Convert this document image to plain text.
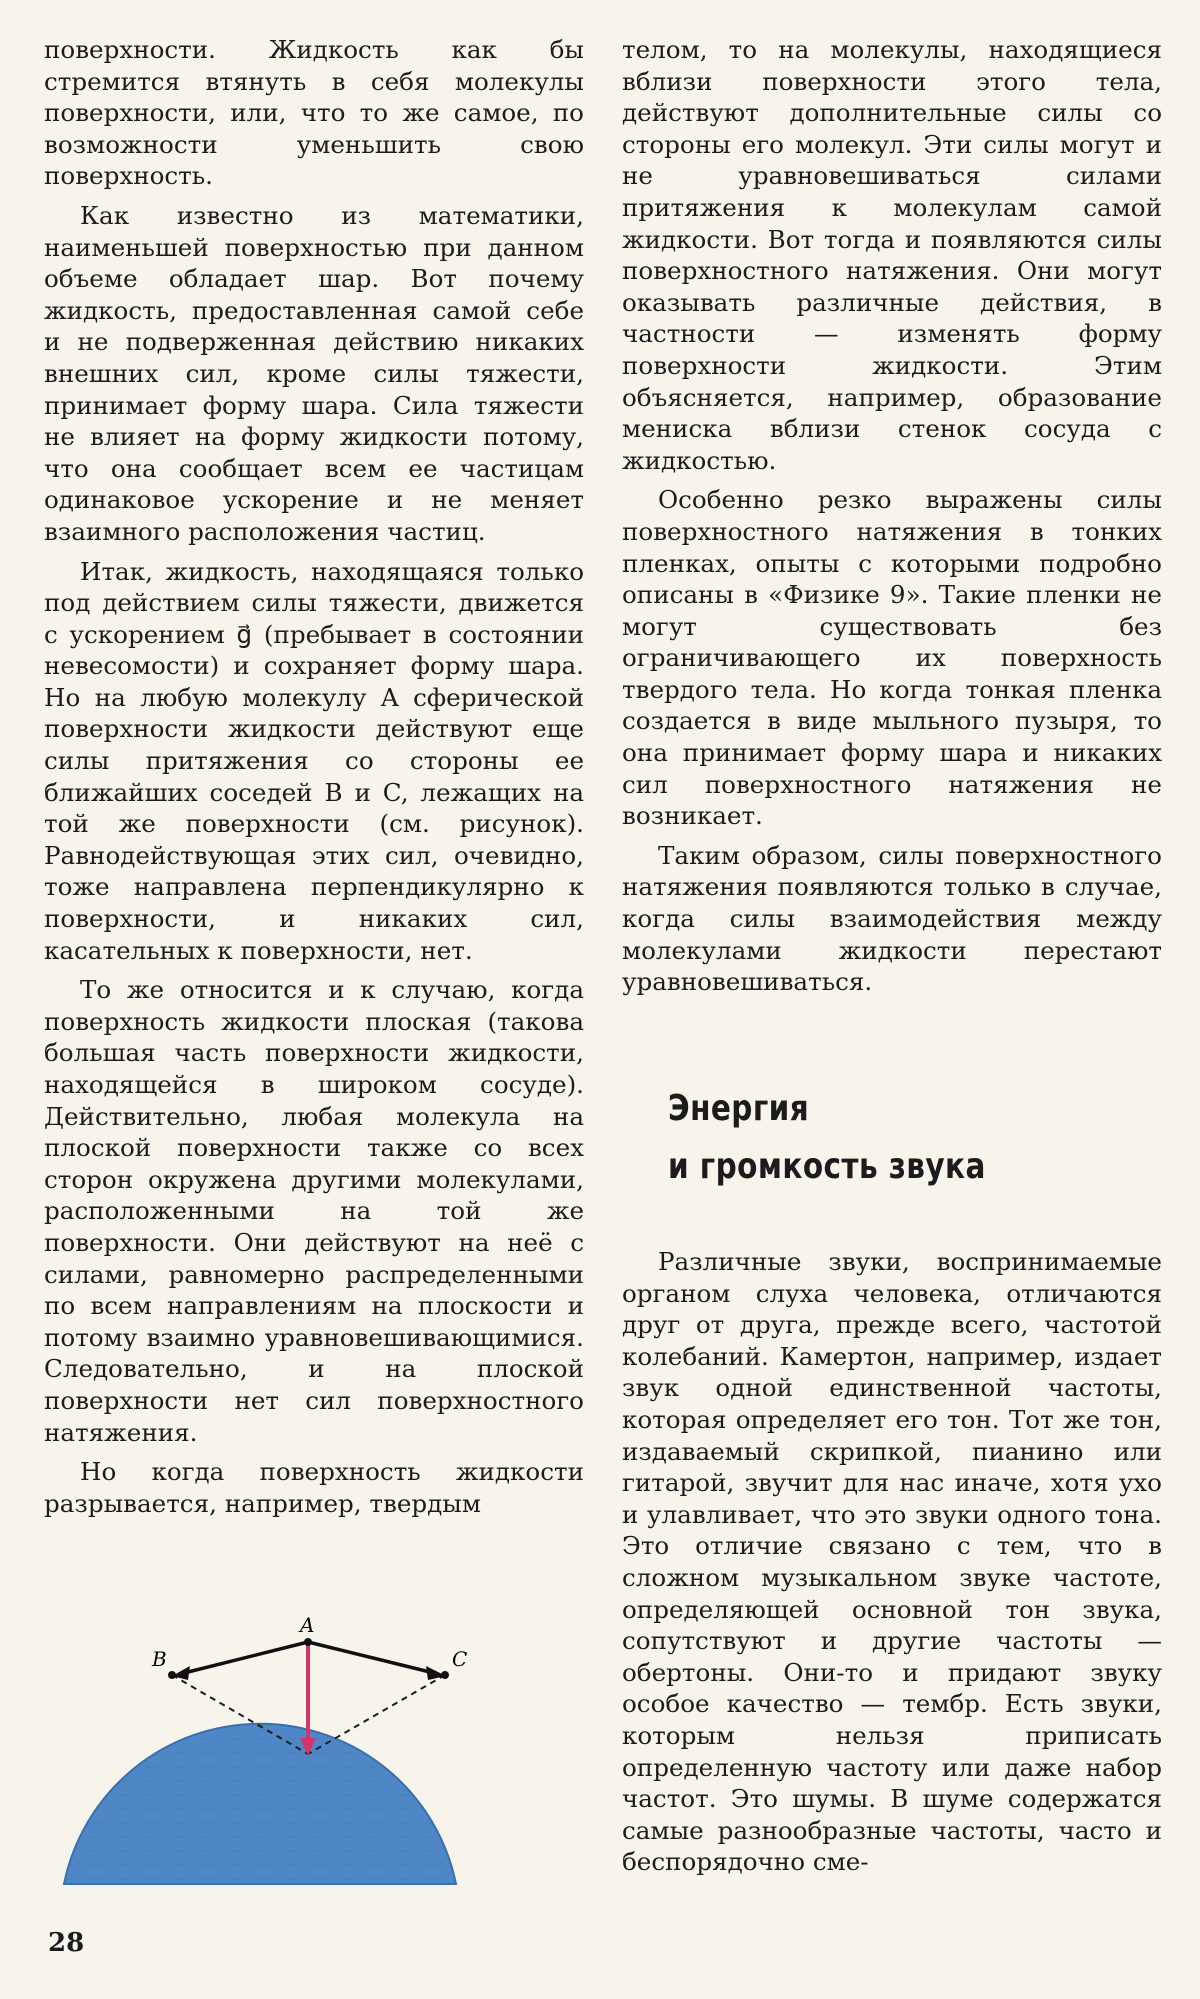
поверхности. Жидкость как бы стремится втянуть в себя молекулы поверхности, или, что то же самое, по возможности уменьшить свою поверхность.

Как известно из математики, наименьшей поверхностью при данном объеме обладает шар. Вот почему жидкость, предоставленная самой себе и не подверженная действию никаких внешних сил, кроме силы тяжести, принимает форму шара. Сила тяжести не влияет на форму жидкости потому, что она сообщает всем ее частицам одинаковое ускорение и не меняет взаимного расположения частиц.

Итак, жидкость, находящаяся только под действием силы тяжести, движется с ускорением g⃗ (пребывает в состоянии невесомости) и сохраняет форму шара. Но на любую молекулу A сферической поверхности жидкости действуют еще силы притяжения со стороны ее ближайших соседей B и C, лежащих на той же поверхности (см. рисунок). Равнодействующая этих сил, очевидно, тоже направлена перпендикулярно к поверхности, и никаких сил, касательных к поверхности, нет.

То же относится и к случаю, когда поверхность жидкости плоская (такова большая часть поверхности жидкости, находящейся в широком сосуде). Действительно, любая молекула на плоской поверхности также со всех сторон окружена другими молекулами, расположенными на той же поверхности. Они действуют на неё с силами, равномерно распределенными по всем направлениям на плоскости и потому взаимно уравновешивающимися. Следовательно, и на плоской поверхности нет сил поверхностного натяжения.

Но когда поверхность жидкости разрывается, например, твердым

телом, то на молекулы, находящиеся вблизи поверхности этого тела, действуют дополнительные силы со стороны его молекул. Эти силы могут и не уравновешиваться силами притяжения к молекулам самой жидкости. Вот тогда и появляются силы поверхностного натяжения. Они могут оказывать различные действия, в частности — изменять форму поверхности жидкости. Этим объясняется, например, образование мениска вблизи стенок сосуда с жидкостью.

Особенно резко выражены силы поверхностного натяжения в тонких пленках, опыты с которыми подробно описаны в «Физике 9». Такие пленки не могут существовать без ограничивающего их поверхность твердого тела. Но когда тонкая пленка создается в виде мыльного пузыря, то она принимает форму шара и никаких сил поверхностного натяжения не возникает.

Таким образом, силы поверхностного натяжения появляются только в случае, когда силы взаимодействия между молекулами жидкости перестают уравновешиваться.

Энергия
и громкость звука

Различные звуки, воспринимаемые органом слуха человека, отличаются друг от друга, прежде всего, частотой колебаний. Камертон, например, издает звук одной единственной частоты, которая определяет его тон. Тот же тон, издаваемый скрипкой, пианино или гитарой, звучит для нас иначе, хотя ухо и улавливает, что это звуки одного тона. Это отличие связано с тем, что в сложном музыкальном звуке частоте, определяющей основной тон звука, сопутствуют и другие частоты — обертоны. Они-то и придают звуку особое качество — тембр. Есть звуки, которым нельзя приписать определенную частоту или даже набор частот. Это шумы. В шуме содержатся самые разнообразные частоты, часто и беспорядочно сме-

A
B	C
28
